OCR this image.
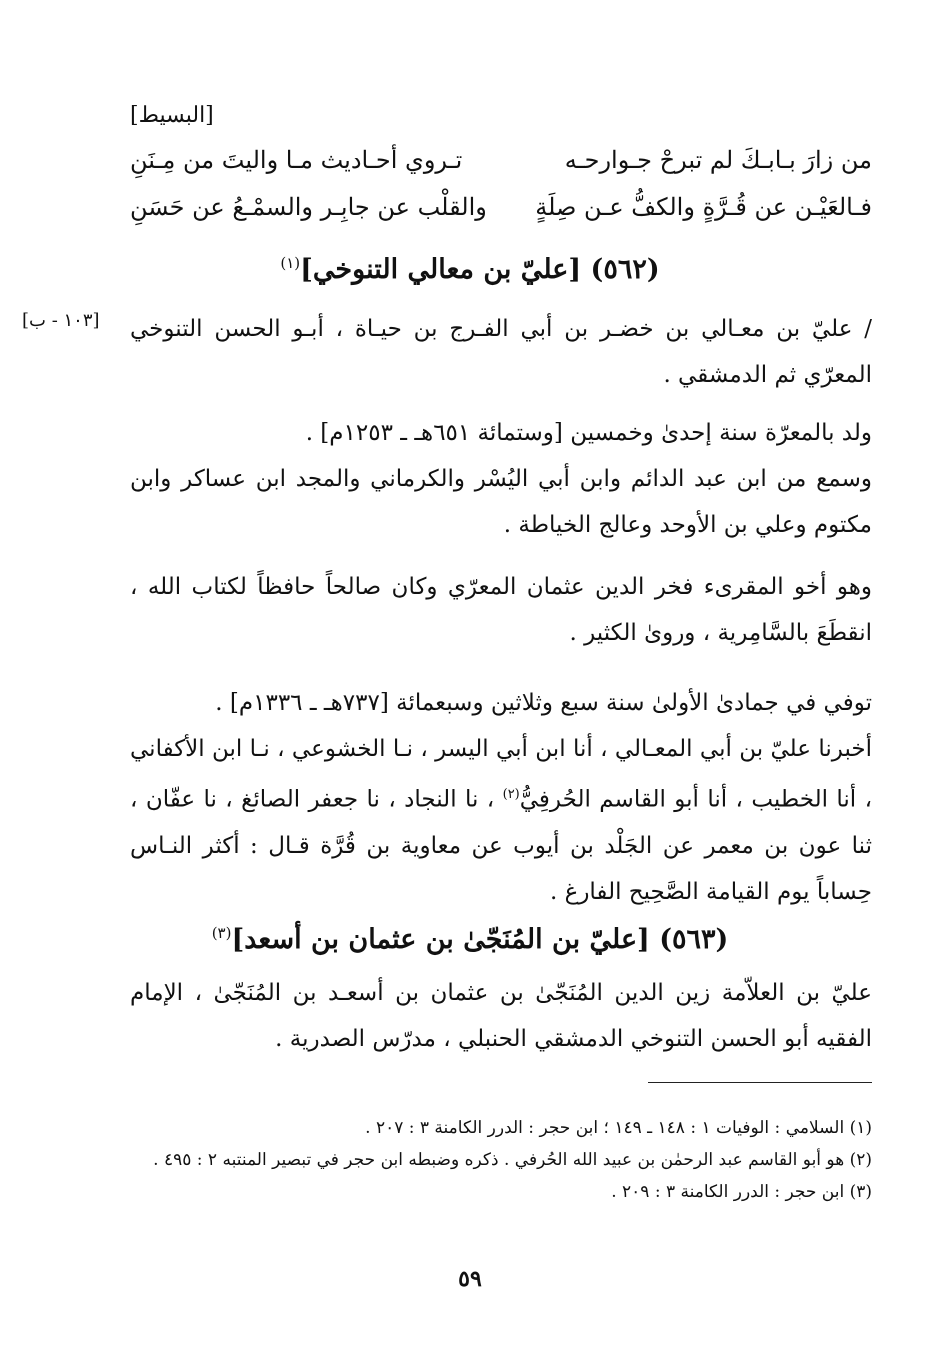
[البسيط]
من زارَ بـابـكَ لم تبرحْ جـوارحـه
تـروي أحـاديث مـا واليتَ من مِـنَنِ
فـالعَيْـن عن قُـرَّةٍ والكفُّ عـن صِلَةٍ
والقلْب عن جابِـر والسمْـعُ عن حَسَنِ
(٥٦٢) [عليّ بن معالي التنوخي]$^{(١)}$
[١٠٣ - ب] / عليّ بن معـالي بن خضـر بن أبي الفـرج بن حيـاة ، أبـو الحسن التنوخي المعرّي ثم الدمشقي .
ولد بالمعرّة سنة إحدىٰ وخمسين [وستمائة ٦٥١هـ ـ ١٢٥٣م] .
وسمع من ابن عبد الدائم وابن أبي اليُسْر والكرماني والمجد ابن عساكر وابن مكتوم وعلي بن الأوحد وعالج الخياطة .
وهو أخو المقرىء فخر الدين عثمان المعرّي وكان صالحاً حافظاً لكتاب الله ، انقطَعَ بالسَّامِرية ، وروىٰ الكثير .
توفي في جمادىٰ الأولىٰ سنة سبع وثلاثين وسبعمائة [٧٣٧هـ ـ ١٣٣٦م] .
أخبرنا عليّ بن أبي المعـالي ، أنا ابن أبي اليسر ، نـا الخشوعي ، نـا ابن الأكفاني ، أنا الخطيب ، أنا أبو القاسم الحُرفِيُّ$^{(٢)}$ ، نا النجاد ، نا جعفر الصائغ ، نا عفّان ، ثنا عون بن معمر عن الجَلْد بن أيوب عن معاوية بن قُرَّة قـال : أكثر النـاس حِساباً يوم القيامة الصَّحِيح الفارغ .
(٥٦٣) [عليّ بن المُنَجّىٰ بن عثمان بن أسعد]$^{(٣)}$
عليّ بن العلاّمة زين الدين المُنَجّىٰ بن عثمان بن أسعـد بن المُنَجّىٰ ، الإمام الفقيه أبو الحسن التنوخي الدمشقي الحنبلي ، مدرّس الصدرية .
(١) السلامي : الوفيات ١ : ١٤٨ ـ ١٤٩ ؛ ابن حجر : الدرر الكامنة ٣ : ٢٠٧ .
(٢) هو أبو القاسم عبد الرحمٰن بن عبيد الله الحُرفي . ذكره وضبطه ابن حجر في تبصير المنتبه ٢ : ٤٩٥ .
(٣) ابن حجر : الدرر الكامنة ٣ : ٢٠٩ .
٥٩
